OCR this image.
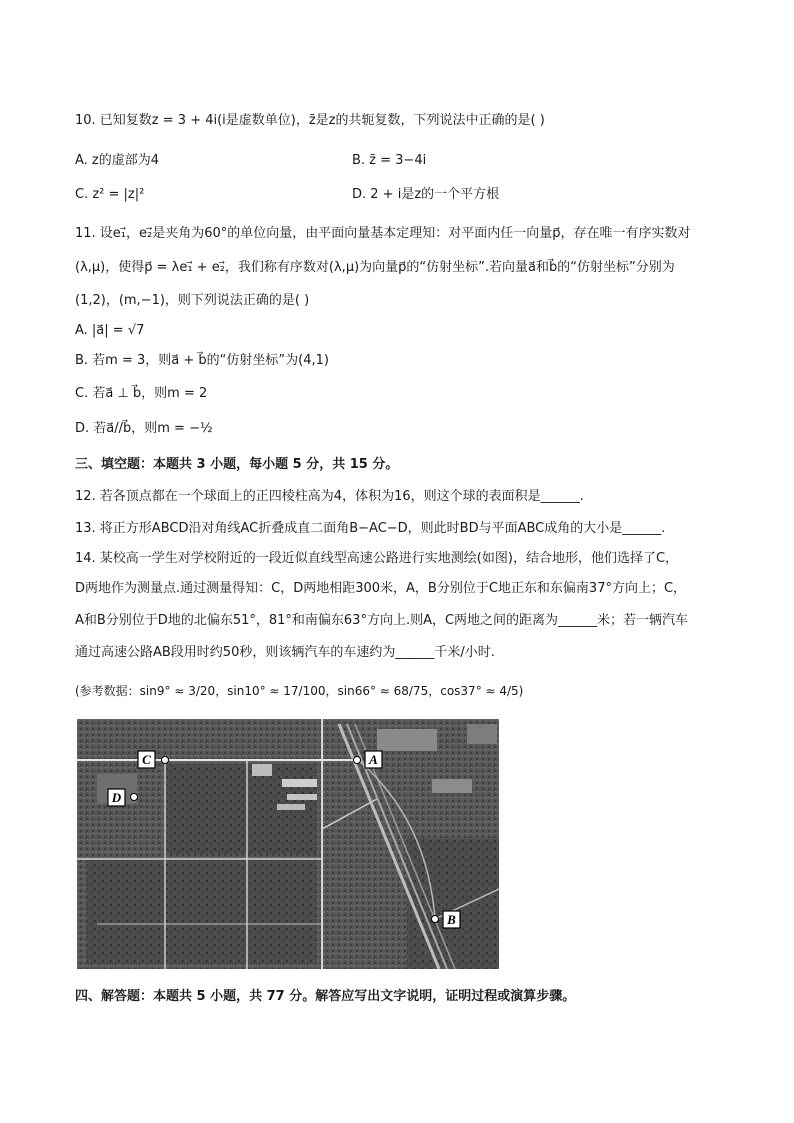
10. 已知复数z = 3 + 4i(i是虚数单位)，z̄是z的共轭复数，下列说法中正确的是( )
A. z的虚部为4	B. z̄ = 3−4i
C. z² = |z|²	D. 2 + i是z的一个平方根
11. 设e₁⃗，e₂⃗是夹角为60°的单位向量，由平面向量基本定理知：对平面内任一向量p⃗，存在唯一有序实数对
(λ,μ)，使得p⃗ = λe₁⃗ + e₂⃗，我们称有序数对(λ,μ)为向量p⃗的“仿射坐标”.若向量a⃗和b⃗的“仿射坐标”分别为
(1,2)，(m,−1)，则下列说法正确的是( )
A. |a⃗| = √7
B. 若m = 3，则a⃗ + b⃗的“仿射坐标”为(4,1)
C. 若a⃗ ⊥ b⃗，则m = 2
D. 若a⃗//b⃗，则m = −½
三、填空题：本题共 3 小题，每小题 5 分，共 15 分。
12. 若各顶点都在一个球面上的正四棱柱高为4，体积为16，则这个球的表面积是______.
13. 将正方形ABCD沿对角线AC折叠成直二面角B−AC−D，则此时BD与平面ABC成角的大小是______.
14. 某校高一学生对学校附近的一段近似直线型高速公路进行实地测绘(如图)，结合地形，他们选择了C，
D两地作为测量点.通过测量得知：C，D两地相距300米，A，B分别位于C地正东和东偏南37°方向上；C，
A和B分别位于D地的北偏东51°，81°和南偏东63°方向上.则A，C两地之间的距离为______米；若一辆汽车
通过高速公路AB段用时约50秒，则该辆汽车的车速约为______千米/小时.
(参考数据：sin9° ≈ 3/20，sin10° ≈ 17/100，sin66° ≈ 68/75，cos37° ≈ 4/5)
C	A
D
B
四、解答题：本题共 5 小题，共 77 分。解答应写出文字说明，证明过程或演算步骤。
